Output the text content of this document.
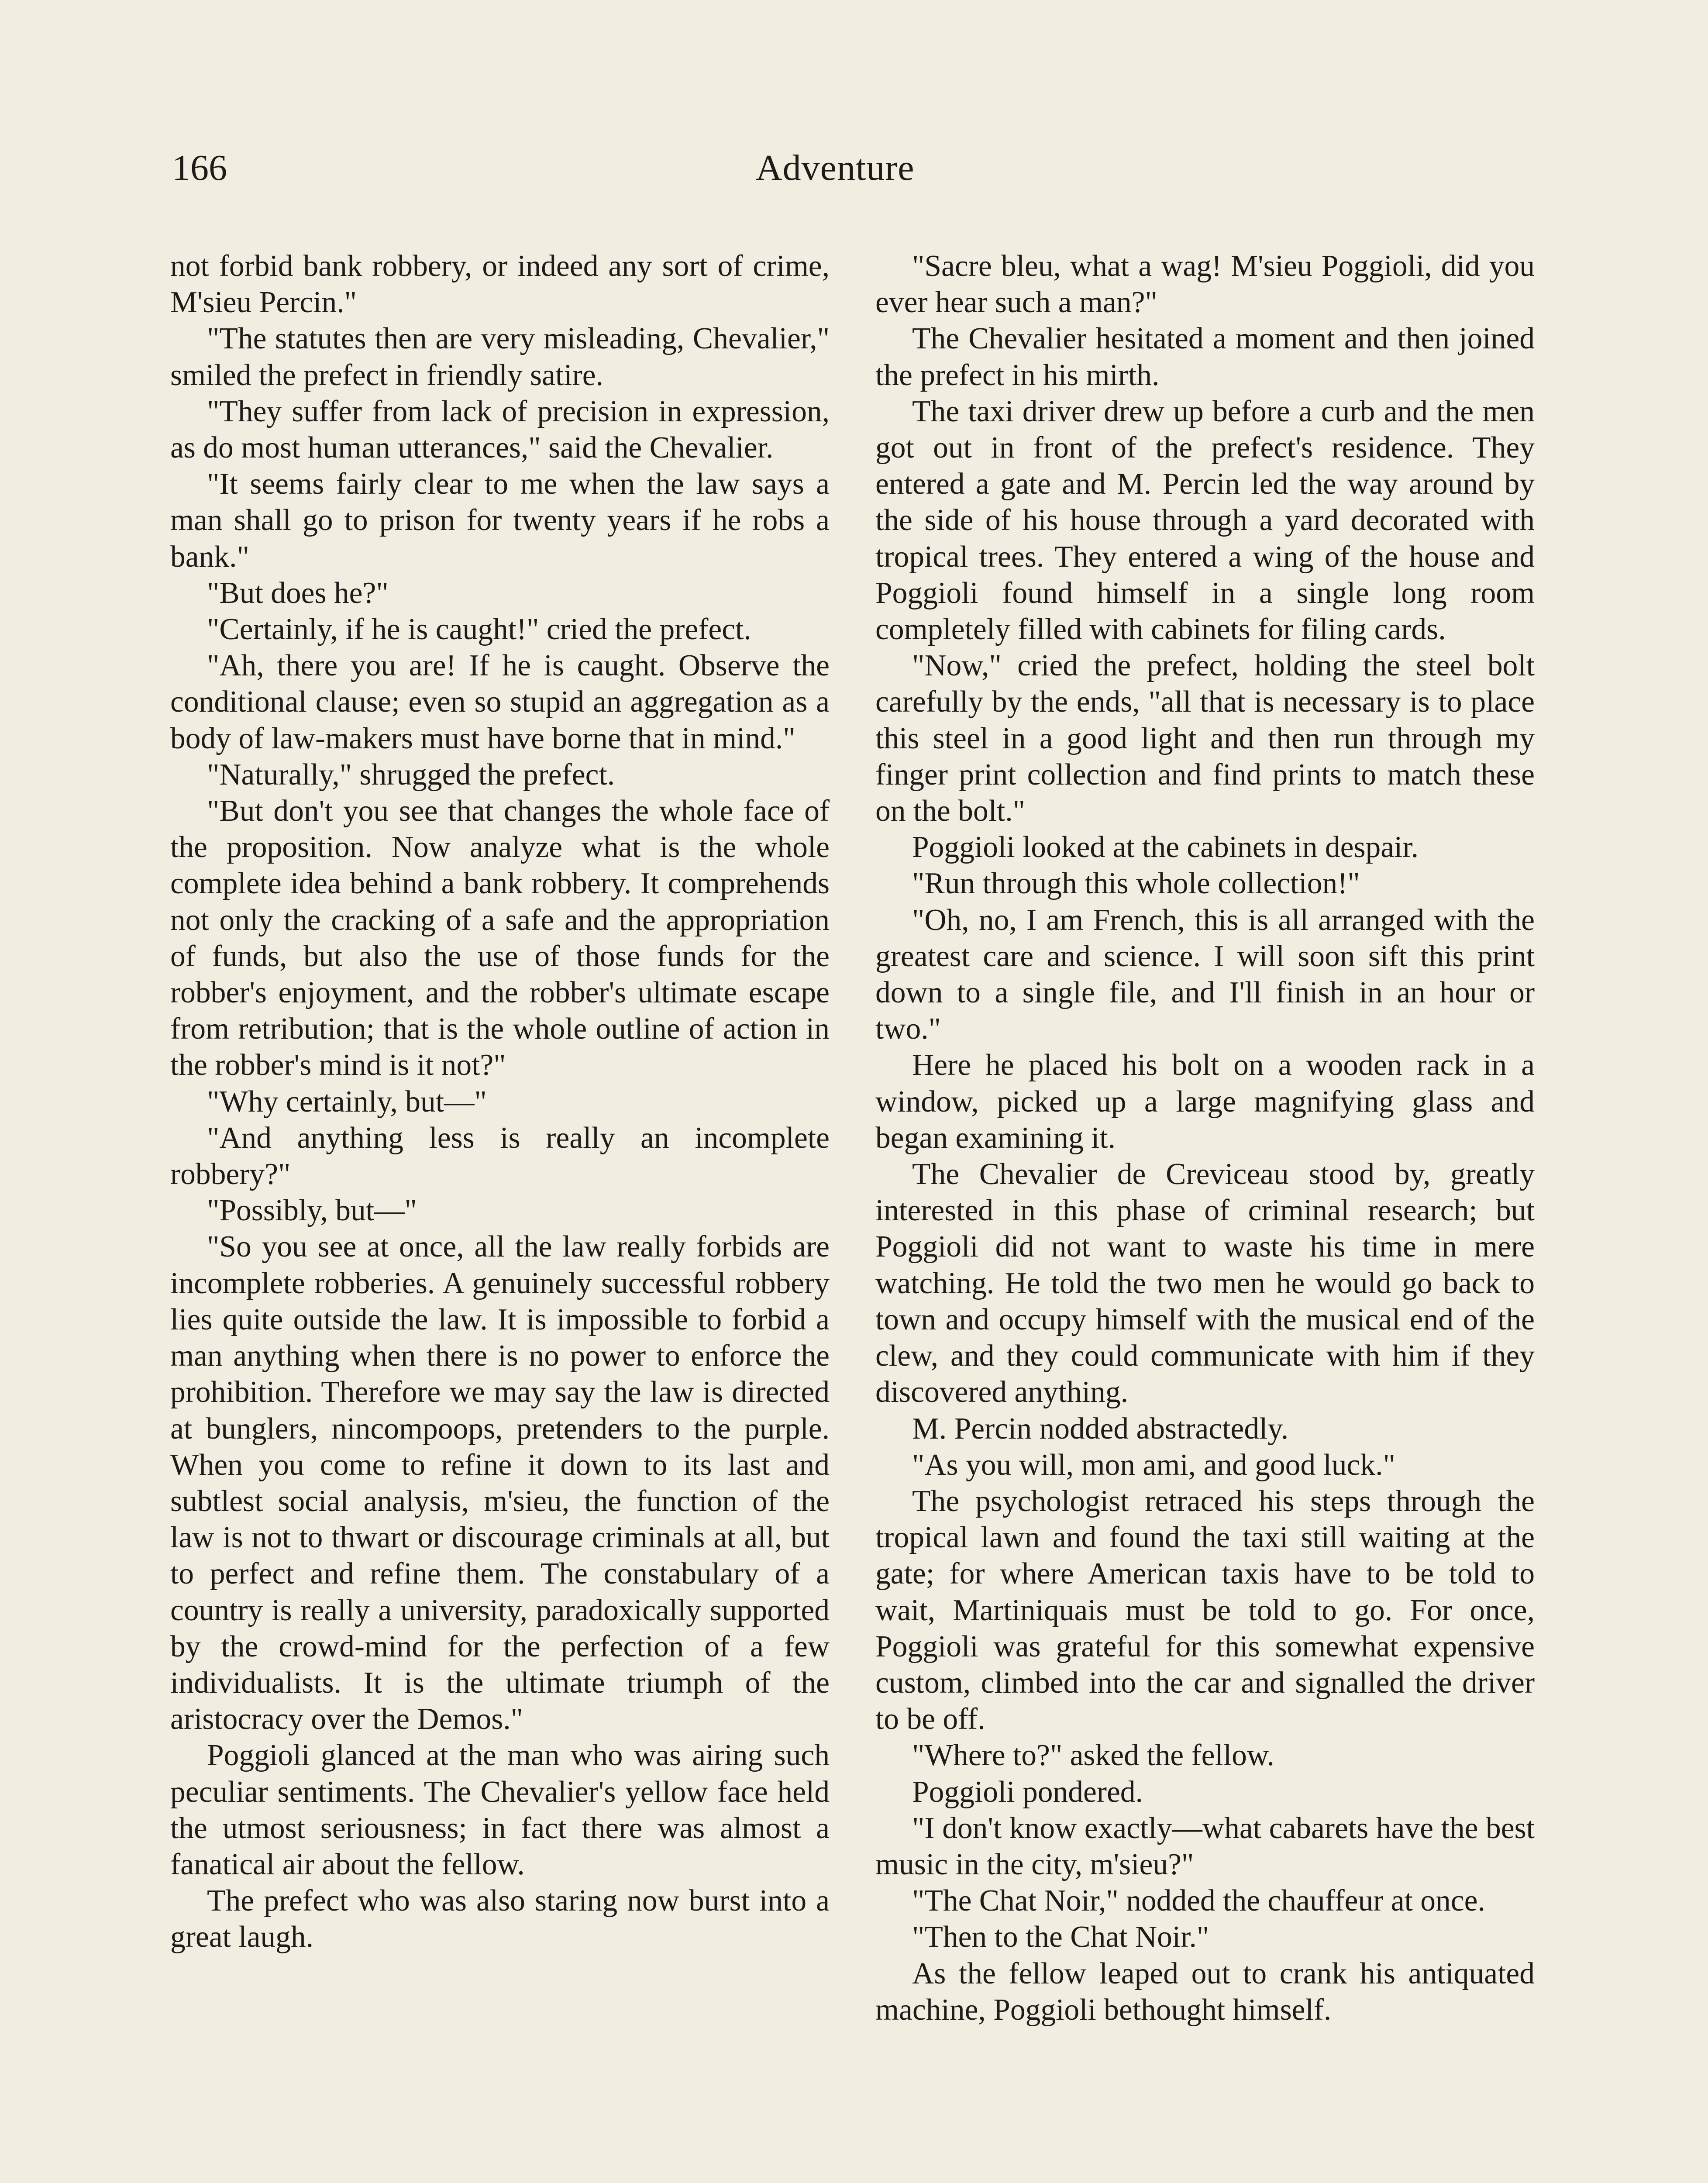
166	Adventure

not forbid bank robbery, or indeed any sort of crime, M'sieu Percin."

"The statutes then are very misleading, Chevalier," smiled the prefect in friendly satire.

"They suffer from lack of precision in expression, as do most human utterances," said the Chevalier.

"It seems fairly clear to me when the law says a man shall go to prison for twenty years if he robs a bank."

"But does he?"

"Certainly, if he is caught!" cried the prefect.

"Ah, there you are! If he is caught. Observe the conditional clause; even so stupid an aggregation as a body of law-makers must have borne that in mind."

"Naturally," shrugged the prefect.

"But don't you see that changes the whole face of the proposition. Now analyze what is the whole complete idea behind a bank robbery. It comprehends not only the cracking of a safe and the appropriation of funds, but also the use of those funds for the robber's enjoyment, and the robber's ultimate escape from retribution; that is the whole outline of action in the robber's mind is it not?"

"Why certainly, but—"

"And anything less is really an incomplete robbery?"

"Possibly, but—"

"So you see at once, all the law really forbids are incomplete robberies. A genuinely successful robbery lies quite outside the law. It is impossible to forbid a man anything when there is no power to enforce the prohibition. Therefore we may say the law is directed at bunglers, nincompoops, pretenders to the purple. When you come to refine it down to its last and subtlest social analysis, m'sieu, the function of the law is not to thwart or discourage criminals at all, but to perfect and refine them. The constabulary of a country is really a university, paradoxically supported by the crowd-mind for the perfection of a few individualists. It is the ultimate triumph of the aristocracy over the Demos."

Poggioli glanced at the man who was airing such peculiar sentiments. The Chevalier's yellow face held the utmost seriousness; in fact there was almost a fanatical air about the fellow.

The prefect who was also staring now burst into a great laugh.

"Sacre bleu, what a wag! M'sieu Poggioli, did you ever hear such a man?"

The Chevalier hesitated a moment and then joined the prefect in his mirth.

The taxi driver drew up before a curb and the men got out in front of the prefect's residence. They entered a gate and M. Percin led the way around by the side of his house through a yard decorated with tropical trees. They entered a wing of the house and Poggioli found himself in a single long room completely filled with cabinets for filing cards.

"Now," cried the prefect, holding the steel bolt carefully by the ends, "all that is necessary is to place this steel in a good light and then run through my finger print collection and find prints to match these on the bolt."

Poggioli looked at the cabinets in despair.

"Run through this whole collection!"

"Oh, no, I am French, this is all arranged with the greatest care and science. I will soon sift this print down to a single file, and I'll finish in an hour or two."

Here he placed his bolt on a wooden rack in a window, picked up a large magnifying glass and began examining it.

The Chevalier de Creviceau stood by, greatly interested in this phase of criminal research; but Poggioli did not want to waste his time in mere watching. He told the two men he would go back to town and occupy himself with the musical end of the clew, and they could communicate with him if they discovered anything.

M. Percin nodded abstractedly.

"As you will, mon ami, and good luck."

The psychologist retraced his steps through the tropical lawn and found the taxi still waiting at the gate; for where American taxis have to be told to wait, Martiniquais must be told to go. For once, Poggioli was grateful for this somewhat expensive custom, climbed into the car and signalled the driver to be off.

"Where to?" asked the fellow.

Poggioli pondered.

"I don't know exactly—what cabarets have the best music in the city, m'sieu?"

"The Chat Noir," nodded the chauffeur at once.

"Then to the Chat Noir."

As the fellow leaped out to crank his antiquated machine, Poggioli bethought himself.
